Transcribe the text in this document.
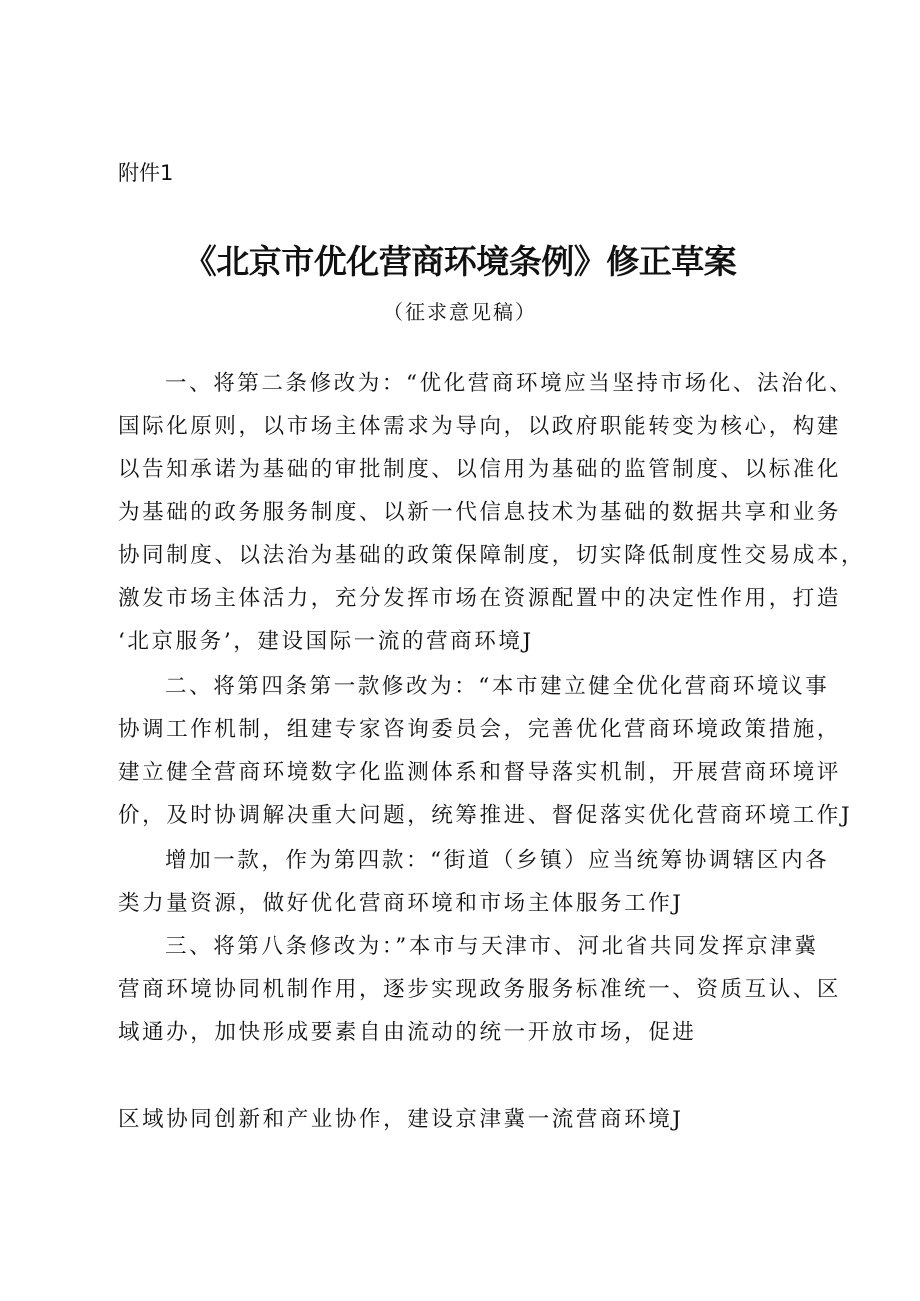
附件1
《北京市优化营商环境条例》修正草案
（征求意见稿）
一、将第二条修改为：“优化营商环境应当坚持市场化、法治化、
国际化原则，以市场主体需求为导向，以政府职能转变为核心，构建
以告知承诺为基础的审批制度、以信用为基础的监管制度、以标准化
为基础的政务服务制度、以新一代信息技术为基础的数据共享和业务
协同制度、以法治为基础的政策保障制度，切实降低制度性交易成本，
激发市场主体活力，充分发挥市场在资源配置中的决定性作用，打造
‘北京服务’，建设国际一流的营商环境J
二、将第四条第一款修改为：“本市建立健全优化营商环境议事
协调工作机制，组建专家咨询委员会，完善优化营商环境政策措施，
建立健全营商环境数字化监测体系和督导落实机制，开展营商环境评
价，及时协调解决重大问题，统筹推进、督促落实优化营商环境工作J
增加一款，作为第四款：“街道（乡镇）应当统筹协调辖区内各
类力量资源，做好优化营商环境和市场主体服务工作J
三、将第八条修改为：”本市与天津市、河北省共同发挥京津冀
营商环境协同机制作用，逐步实现政务服务标准统一、资质互认、区
域通办，加快形成要素自由流动的统一开放市场，促进
区域协同创新和产业协作，建设京津冀一流营商环境J
